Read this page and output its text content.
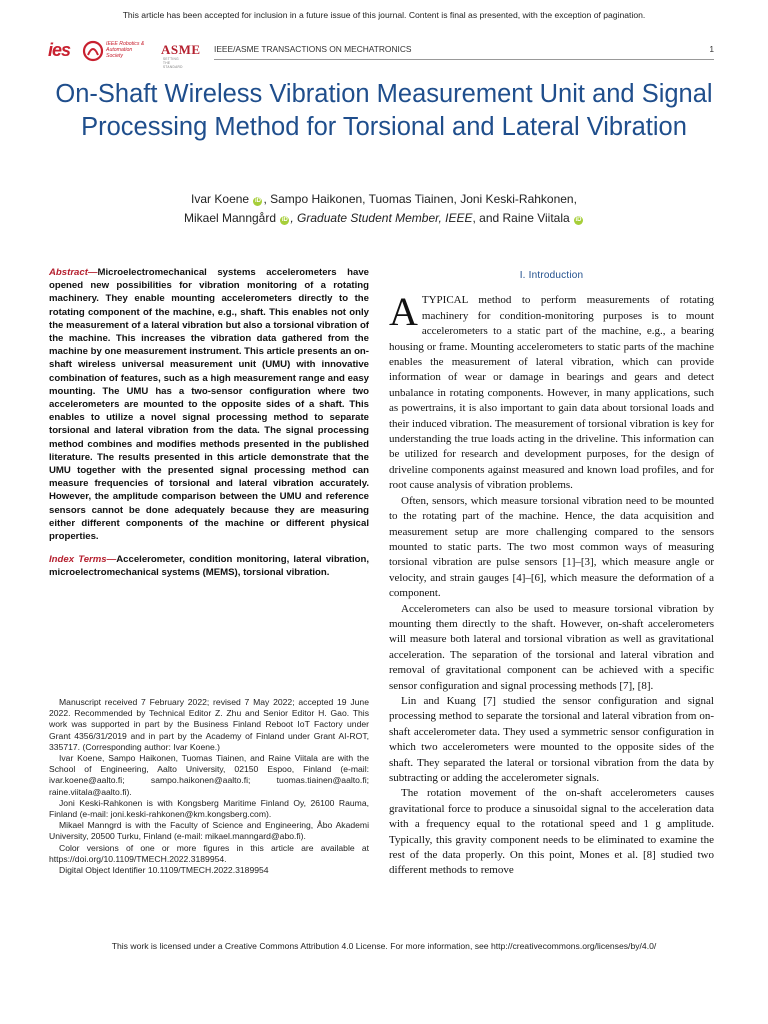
This article has been accepted for inclusion in a future issue of this journal. Content is final as presented, with the exception of pagination.
ies	IEEE Robotics & Automation Society	ASME
SETTING THE STANDARD
IEEE/ASME TRANSACTIONS ON MECHATRONICS	1
On-Shaft Wireless Vibration Measurement Unit and Signal Processing Method for Torsional and Lateral Vibration
Ivar Koene iD , Sampo Haikonen, Tuomas Tiainen, Joni Keski-Rahkonen,
Mikael Manngård iD , Graduate Student Member, IEEE, and Raine Viitala iD

Abstract—Microelectromechanical systems accelerometers have opened new possibilities for vibration monitoring of a rotating machinery. They enable mounting accelerometers directly to the rotating component of the machine, e.g., shaft. This enables not only the measurement of a lateral vibration but also a torsional vibration of the machine. This increases the vibration data gathered from the machine by one measurement instrument. This article presents an on-shaft wireless universal measurement unit (UMU) with innovative combination of features, such as a high measurement range and easy mounting. The UMU has a two-sensor configuration where two accelerometers are mounted to the opposite sides of a shaft. This enables to utilize a novel signal processing method to separate torsional and lateral vibration from the data. The signal processing method combines and modifies methods presented in the published literature. The results presented in this article demonstrate that the UMU together with the presented signal processing method can measure frequencies of torsional and lateral vibration accurately. However, the amplitude comparison between the UMU and reference sensors cannot be done adequately because they are measuring either different components of the machine or different physical properties.

Index Terms—Accelerometer, condition monitoring, lateral vibration, microelectromechanical systems (MEMS), torsional vibration.

Manuscript received 7 February 2022; revised 7 May 2022; accepted 19 June 2022. Recommended by Technical Editor Z. Zhu and Senior Editor H. Gao. This work was supported in part by the Business Finland Reboot IoT Factory under Grant 4356/31/2019 and in part by the Academy of Finland under Grant AI-ROT, 335717. (Corresponding author: Ivar Koene.)

Ivar Koene, Sampo Haikonen, Tuomas Tiainen, and Raine Viitala are with the School of Engineering, Aalto University, 02150 Espoo, Finland (e-mail: ivar.koene@aalto.fi; sampo.haikonen@aalto.fi; tuomas.tiainen@aalto.fi; raine.viitala@aalto.fi).

Joni Keski-Rahkonen is with Kongsberg Maritime Finland Oy, 26100 Rauma, Finland (e-mail: joni.keski-rahkonen@km.kongsberg.com).

Mikael Manngrd is with the Faculty of Science and Engineering, Åbo Akademi University, 20500 Turku, Finland (e-mail: mikael.manngard@abo.fi).

Color versions of one or more figures in this article are available at https://doi.org/10.1109/TMECH.2022.3189954.

Digital Object Identifier 10.1109/TMECH.2022.3189954

I. Introduction

ATYPICAL method to perform measurements of rotating machinery for condition-monitoring purposes is to mount accelerometers to a static part of the machine, e.g., a bearing housing or frame. Mounting accelerometers to static parts of the machine enables the measurement of lateral vibration, which can provide information of wear or damage in bearings and gears and detect unbalance in rotating components. However, in many applications, such as powertrains, it is also important to gain data about torsional loads and their induced vibration. The measurement of torsional vibration is key for understanding the true loads acting in the driveline. This information can be utilized for research and development purposes, for the design of driveline components against measured and known load profiles, and for root cause analysis of vibration problems.

Often, sensors, which measure torsional vibration need to be mounted to the rotating part of the machine. Hence, the data acquisition and measurement setup are more challenging compared to the sensors mounted to static parts. The two most common ways of measuring torsional vibration are pulse sensors [1]–[3], which measure angle or velocity, and strain gauges [4]–[6], which measure the deformation of a component.

Accelerometers can also be used to measure torsional vibration by mounting them directly to the shaft. However, on-shaft accelerometers will measure both lateral and torsional vibration as well as gravitational acceleration. The separation of the torsional and lateral vibration and removal of gravitational component can be achieved with a specific sensor configuration and signal processing methods [7], [8].

Lin and Kuang [7] studied the sensor configuration and signal processing method to separate the torsional and lateral vibration from on-shaft accelerometer data. They used a symmetric sensor configuration in which two accelerometers were mounted to the opposite sides of the shaft. They separated the lateral or torsional vibration from the data by subtracting or adding the accelerometer signals.

The rotation movement of the on-shaft accelerometers causes gravitational force to produce a sinusoidal signal to the acceleration data with a frequency equal to the rotational speed and 1 g amplitude. Typically, this gravity component needs to be eliminated to examine the rest of the data properly. On this point, Mones et al. [8] studied two different methods to remove

This work is licensed under a Creative Commons Attribution 4.0 License. For more information, see http://creativecommons.org/licenses/by/4.0/
